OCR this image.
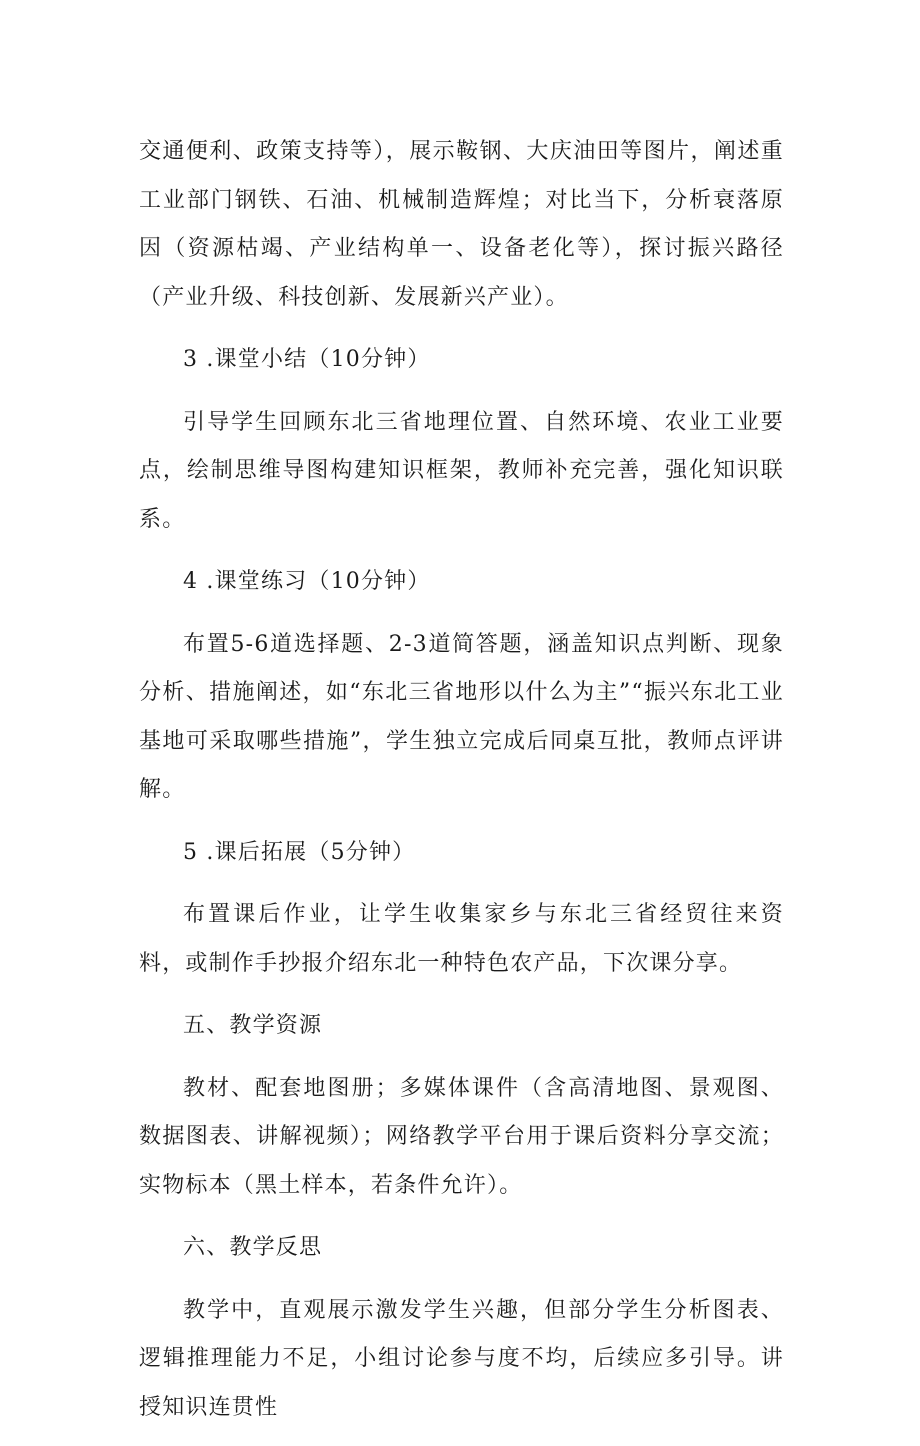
交通便利、政策支持等），展示鞍钢、大庆油田等图片，阐述重工业部门钢铁、石油、机械制造辉煌；对比当下，分析衰落原因（资源枯竭、产业结构单一、设备老化等），探讨振兴路径（产业升级、科技创新、发展新兴产业）。

3 .课堂小结（10分钟）

引导学生回顾东北三省地理位置、自然环境、农业工业要点，绘制思维导图构建知识框架，教师补充完善，强化知识联系。

4 .课堂练习（10分钟）

布置5-6道选择题、2-3道简答题，涵盖知识点判断、现象分析、措施阐述，如“东北三省地形以什么为主”“振兴东北工业基地可采取哪些措施”，学生独立完成后同桌互批，教师点评讲解。

5 .课后拓展（5分钟）

布置课后作业，让学生收集家乡与东北三省经贸往来资料，或制作手抄报介绍东北一种特色农产品，下次课分享。

五、教学资源

教材、配套地图册；多媒体课件（含高清地图、景观图、数据图表、讲解视频）；网络教学平台用于课后资料分享交流；实物标本（黑土样本，若条件允许）。

六、教学反思

教学中，直观展示激发学生兴趣，但部分学生分析图表、逻辑推理能力不足，小组讨论参与度不均，后续应多引导。讲授知识连贯性
